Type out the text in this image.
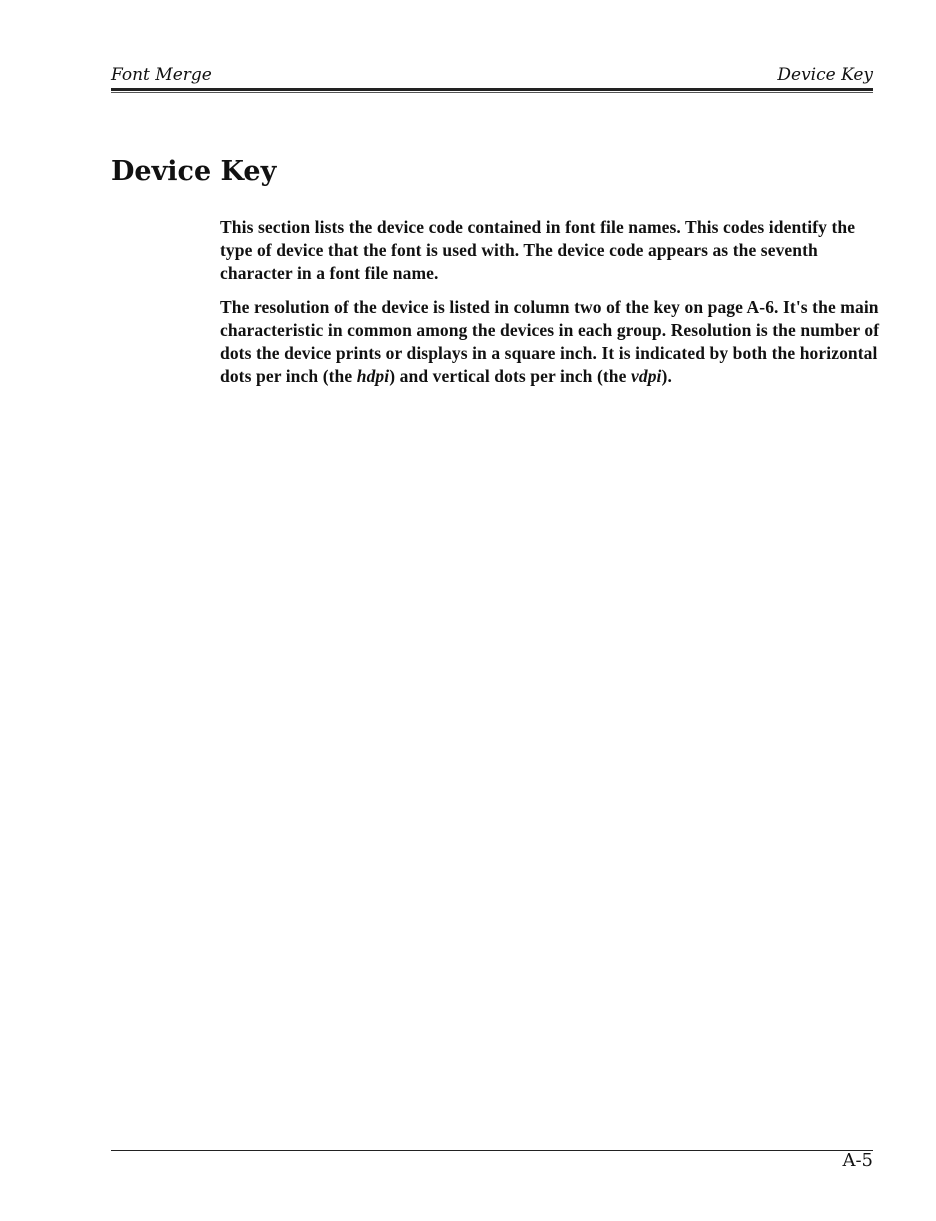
Font Merge	Device Key
Device Key

This section lists the device code contained in font file names. This codes identify the type of device that the font is used with. The device code appears as the seventh character in a font file name.

The resolution of the device is listed in column two of the key on page A-6. It's the main characteristic in common among the devices in each group. Resolution is the number of dots the device prints or displays in a square inch. It is indicated by both the horizontal dots per inch (the hdpi) and vertical dots per inch (the vdpi).

A-5
